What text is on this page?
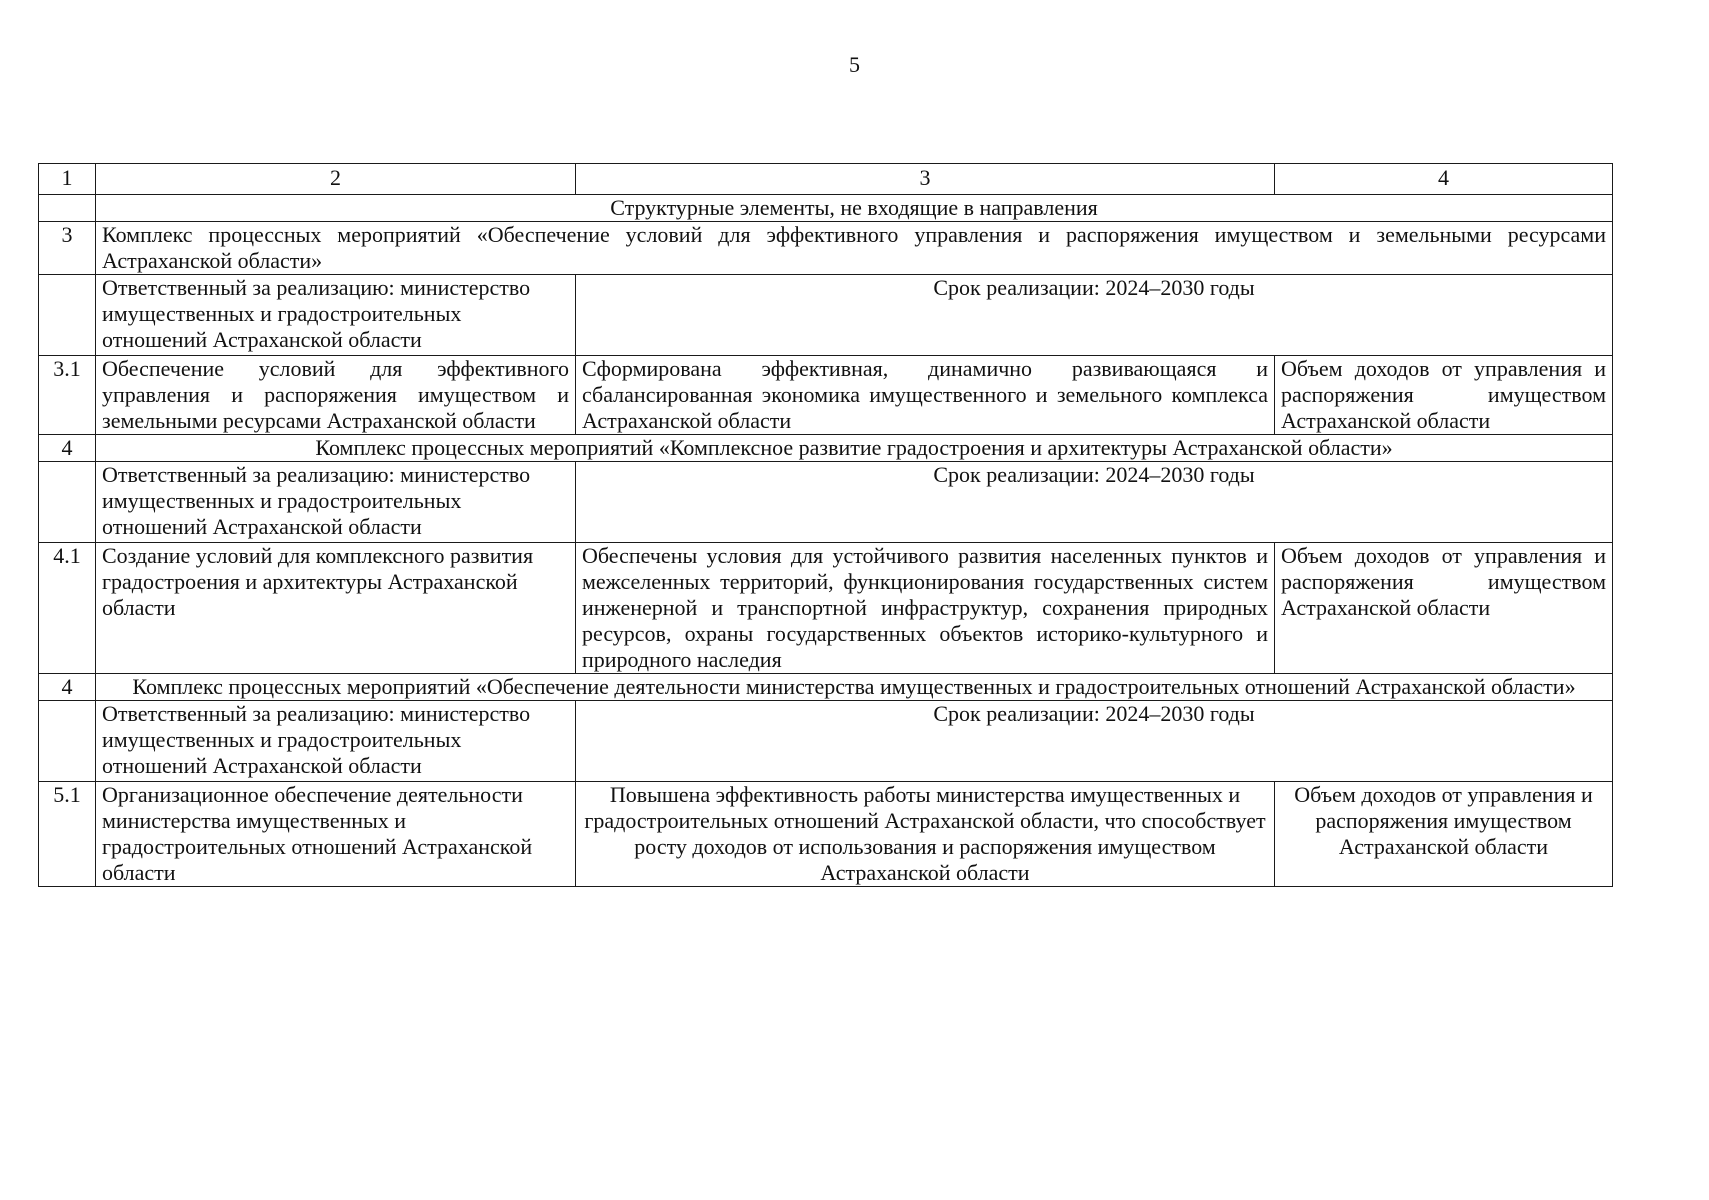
5
1	2	3	4
	Структурные элементы, не входящие в направления		
3	Комплекс процессных мероприятий «Обеспечение условий для эффективного управления и распоряжения имуществом и земельными ресурсами Астраханской области»		
	Ответственный за реализацию: министерство имущественных и градостроительных отношений Астраханской области	Срок реализации: 2024–2030 годы	
3.1	Обеспечение условий для эффективного управления и распоряжения имуществом и земельными ресурсами Астраханской области	Сформирована эффективная, динамично развивающаяся и сбалансированная экономика имущественного и земельного комплекса Астраханской области	Объем доходов от управления и распоряжения имуществом Астраханской области
4	Комплекс процессных мероприятий «Комплексное развитие градостроения и архитектуры Астраханской области»		
	Ответственный за реализацию: министерство имущественных и градостроительных отношений Астраханской области	Срок реализации: 2024–2030 годы	
4.1	Создание условий для комплексного развития градостроения и архитектуры Астраханской области	Обеспечены условия для устойчивого развития населенных пунктов и межселенных территорий, функционирования государственных систем инженерной и транспортной инфраструктур, сохранения природных ресурсов, охраны государственных объектов историко-культурного и природного наследия	Объем доходов от управления и распоряжения имуществом Астраханской области
4	Комплекс процессных мероприятий «Обеспечение деятельности министерства имущественных и градостроительных отношений Астраханской области»		
	Ответственный за реализацию: министерство имущественных и градостроительных отношений Астраханской области	Срок реализации: 2024–2030 годы	
5.1	Организационное обеспечение деятельности министерства имущественных и градостроительных отношений Астраханской области	Повышена эффективность работы министерства имущественных и градостроительных отношений Астраханской области, что способствует росту доходов от использования и распоряжения имуществом Астраханской области	Объем доходов от управления и распоряжения имуществом Астраханской области
